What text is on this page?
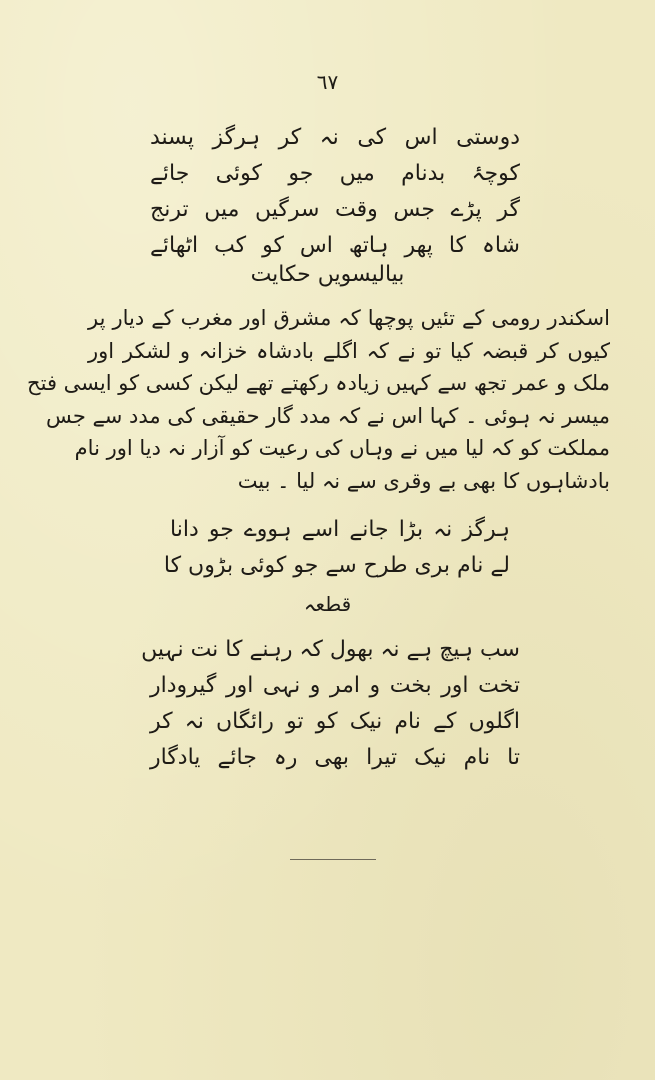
٦٧
دوستی اس کی نہ کر ہرگز پسند
کوچۂ بدنام میں جو کوئی جائے
گر پڑے جس وقت سرگیں میں ترنج
شاہ کا پھر ہاتھ اس کو کب اٹھائے
بیالیسویں حکایت
اسکندر رومی کے تئیں پوچھا کہ مشرق اور مغرب کے دیار پر
کیوں کر قبضہ کیا تو نے کہ اگلے بادشاہ خزانہ و لشکر اور
ملک و عمر تجھ سے کہیں زیادہ رکھتے تھے لیکن کسی کو ایسی فتح
میسر نہ ہوئی ۔ کہا اس نے کہ مدد گار حقیقی کی مدد سے جس
مملکت کو کہ لیا میں نے وہاں کی رعیت کو آزار نہ دیا اور نام
بادشاہوں کا بھی بے وقری سے نہ لیا ۔ بیت
ہرگز نہ بڑا جانے اسے ہووے جو دانا
لے نام بری طرح سے جو کوئی بڑوں کا
قطعہ
سب ہیچ ہے نہ بھول کہ رہنے کا نت نہیں
تخت اور بخت و امر و نہی اور گیرودار
اگلوں کے نام نیک کو تو رائگاں نہ کر
تا نام نیک تیرا بھی رہ جائے یادگار
